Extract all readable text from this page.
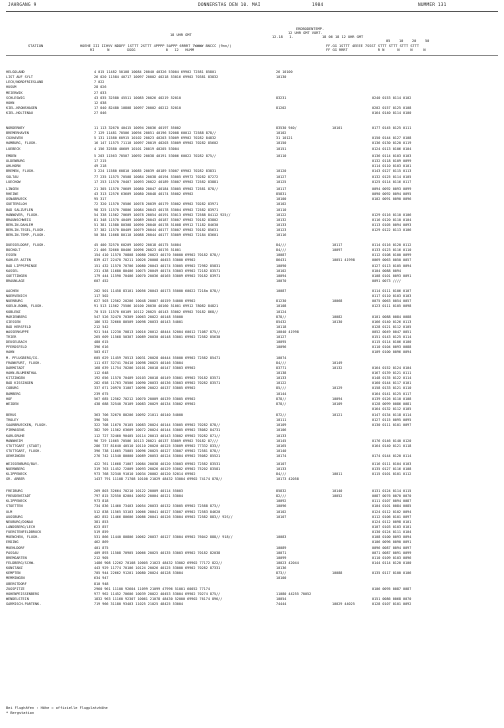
JAHRGANG 9	DONNERSTAG DEN 10. MAI	1984	NUMMER 131
ERDBODENTEMP.
12 UHR GMT VORT.
18 UHR GMT	12-18   1.	18 06 18 12 UHR GMT
05    10    20    50
STATION	HOEHE III IIHVV NDDFF 1STTT 2STTT 4PPPP 5APPP 6RRRT 7WWWW 8NCCC (9nn/)
RI      N        GGGG              0   12   HLMM
FF-GG 1STTT 4EEEE 7SSST STTT STTT STTT STTT
FF GG RRRT              R N      N     N     N
HELGOLAND	4 015 11482 50108 10084 20040 40326 53004 69902 72581 85801	26 10100
LIST AUF SYLT	26 020 11584 40717 10097 20002 40218 53016 69902 70381 83832	10130
LECK/NORDFRIESLAND	7 022
HUSUM	28 026
MEIERWIK	27 033
SCHLESWIG	43 035 32580 45511 10085 20026 40219 52010	83231	0240 0153 0114 0102
HOHN	12 038
KIEL-KRONSHAGEN	17 040 82480 10808 10097 20002 40212 52010	81202	0202 0157 0125 0108
KIEL-HOLTENAU	27 046	0164 0140 0114 0100
NORDERNEY	11 113 32670 40415 10094 20036 40197 55002	83530 940/	10101	0177 0145 0125 0111
BREMERHAVEN	7 129 11481 70506 10094 20051 40196 52008 60012 72588 878//	10102
CUXHAVEN	5 131 11580 60915 10102 20023 40203 53009 69902 70282 84832	31 10121	0150 0144 0127 0108
HAMBURG, FLUGH.	16 147 11575 71110 10097 20019 40203 53009 69902 70282 85602	10150	0136 0130 0120 0119
LUEBECK	4 156 32580 40609 10101 20019 40205 53004	10151	0124 0113 0106 0104
EMDEN	5 203 11563 70507 10092 20038 40191 53006 60022 70282 875//	10110	0136 0114 0103 0103
OLDENBURG	17 215	0132 0118 0109 0099
AHLHORN	49 218	0114 0110 0103 0101
BREMEN, FLUGH.	3 224 11580 60810 10085 20039 40189 53007 69902 70282 83831	10120	0143 0127 0115 0113
SOLTAU	77 235 11575 70508 10084 20038 40194 53005 69972 70282 87272	10127	0132 0125 0114 0105
LUECHOW	17 253 11570 70407 10093 20022 40189 53007 69902 72582 83881	10125	0125 0114 0116 0117
LINGEN	21 305 11570 70609 10080 20047 40184 53005 69902 72581 878//	10117	0094 0092 0093 0099
RHEINE	43 313 12576 63609 10080 20048 40174 55002 69902	85831	0090 0092 0094 0095
OSNABRUECK	95 317	10100	0102 0091 0090 0096
GUETERSLOH	72 320 11570 70506 10078 20039 40179 53002 69902 70282 83971	10102
BAD SALZUFLEN	98 325 11570 70806 10084 20043 40178 53004 69902 72582 83971	10110
HANNOVER, FLUGH.	54 338 11562 70609 10078 20054 40191 53013 69902 72588 84112 925//	10122	0129 0116 0110 0106
BRAUNSCHWEIG	81 348 11570 40409 10089 20043 40187 53007 69902 70182 83802	10132	0116 0120 0110 0104
BERLIN-DAHLEM	51 381 11580 80308 10090 20040 40178 51008 69912 71182 84630	10133	0113 0105 0094 0093
BERLIN-TEGEL,FLUGH.	37 382 11570 80409 10079 20044 40177 53007 69902 70182 85631	10123	0129 0122 0113 0106
BERLIN-TEMP.,FLUGH.	50 384 11668 80110 10088 20044 40177 53009 69902 72184 83601	10116
DUESSELDORF, FLUGH.	45 400 32570 60209 10092 20018 40175 54004	84///	10117	0114 0116 0120 0112
BOCHOLT	21 406 32660 80406 10096 20023 40176 51001	84///	10097	0133 0123 0116 0110
ESSEN	154 410 11570 70808 10080 20023 40170 50000 69902 70182 878//	10087	0112 0108 0100 0099
KAHLER ASTEN	839 427 22470 70211 10026 20008 40453 53000 69902	86431	10051 41998	0069 0063 0050 0057
BAD LIPPSPRINGE	151 432 11570 70706 10080 20043 40174 53005 69902 72982 85831	10090	0127 0113 0105 0094
KASSEL	231 438 11680 80406 10075 20049 40174 53003 69902 72182 83571	10102	0104 0088 0094
GOETTINGEN	179 444 11590 70406 10070 20036 40165 53009 69902 70182 83971	10094	0108 0101 0093 0091
BRAUNLAGE	607 452	10070	0091 0073 ////
AACHEN	202 501 11458 83101 10056 20043 40173 55000 60022 7218a 878//	10087	0114 0111 0106 0107
NOERVENICH	117 502	0117 0110 0103 0103
NUERBURG	627 503 12562 20206 10048 20007 40159 54000 69902	81230	10068	0075 0063 0054 0057
KOELN-BONN, FLUGH.	91 513 11562 75506 10100 20030 40160 51001 69912 78082 84821	10108	0123 0111 0105 0098
KOBLENZ	70 515 11570 60109 10112 20025 40143 53002 69902 70182 868//	10124
MARIENBERG	547 526 32470 70309 10063 20022 40148 55000	878//	10082	0101 0088 0084 0088
GIESSEN	186 532 32660 80509 10098 20033 40143 54001	85432	10130	0166 0140 0126 0113
BAD HERSFELD	212 542	10118	0128 0121 0112 0105
WASSERKUPPE	921 544 12230 70813 10016 20012 48444 52004 60012 71087 875//	10040 41998	0052 0049 0047 0051
TRIER	265 609 11568 50307 10089 20030 40148 53001 69902 72582 85630	10127	0151 0143 0125 0114
DEUSELBACH	480 615	10095	0115 0114 0106 0100
PFERDSFELD	396 616	10096	0110 0104 0093 0088
HAHN	503 617	0109 0100 0096 0094
M. PFLUGBERG/IG.	605 629 11459 70513 10031 20028 40444 55000 69902 72582 85471	10074
FRANKFURT, FLUGH.	111 637 32741 70410 10098 20025 40146 53004	84///	10149
DARMSTADT	168 639 11754 70206 10101 20018 40147 53003 69902	83771	10132	0164 0152 0124 0104
HAHN-BLUMENTHAL	112 648	10138	0167 0139 0121 0111
KITZINGEN	192 656 11570 70409 10103 20018 40149 53001 69902 70182 83571	10133	0148 0135 0122 0114
BAD KISSINGEN	282 658 11763 70506 10090 20033 40136 53003 69902 70282 83571	10122	0160 0144 0117 0101
COBURG	337 671 20970 31007 10096 20022 40137 53005 69902	85///	10129	0158 0133 0121 0110
BAMBERG	239 675	10144	0164 0141 0125 0117
HOF	567 685 12562 70212 10070 20009 40139 53005 69902	878//	10094	0139 0126 0110 0108
WEIDEN	438 688 32540 70109 10083 20029 40134 53002 69902	878//	10109	0128 0099 0086 0081
0164 0132 0112 0105
BERUS	363 706 32670 80206 10092 21011 40140 54000	872//	10121	0147 0134 0118 0114
TROLEY	396 705	10111	0127 0115 0095 0095
SAARBRUECKEN, FLUGH.	322 708 11670 70105 10083 20024 40144 53005 69902 70282 878//	10109	0130 0111 0101 0097
PIRMASENS	382 709 11562 63609 10072 20024 40144 53005 69902 78082 84731	10106
KARLSRUHE	112 727 32460 90405 10114 20013 40143 53002 69902 70282 871//	10133
MANNHEIM	96 729 11665 70506 10113 20021 40137 53009 69902 70182 87///	10145	0176 0146 0140 0120
STUTTGART (STADT)	286 737 81640 40510 10110 20020 40125 53009 69902 77332 833//	10165	0164 0140 0121 0118
STUTTGART, FLUGH.	396 738 11665 75005 10096 20025 40127 53007 69902 72581 878//	10140
OEHRINGEN	276 742 11540 80000 10089 20053 40124 53004 69902 76082 85521	10174	0174 0144 0120 0114
WEISSENBURG/BAY.	422 761 11668 71007 10084 20038 40120 53003 69902 72582 83531	10107	0116 0111 0104 0103
NUERNBERG	319 763 11452 72009 10093 20026 40129 53002 69902 75202 83581	10133	0135 0127 0116 0108
KLIPPENECK	973 768 32340 91010 10034 20002 40120 52014 69902	84///	10011	0115 0101 0101 0112
GR. ARBER	1437 791 11108 71708 10100 21029 48432 53004 69902 74174 878//	10173 42058
FREIBURG	269 803 32664 70210 10122 20009 40114 55003	85832	10140	0131 0124 0114 0115
FREUDENSTADT	797 815 32550 82004 10052 20004 40121 53004	82///	10052	0087 0076 0070 0070
KLIPPENECK	973 818	10092	0111 0107 0094 0087
STOETTEN	734 836 11460 73403 10054 20033 40132 53005 69902 72588 873//	10096	0104 0101 0084 0085
ULM	512 838 11565 53103 10066 20041 40127 53007 69902 72583 84620	10102	0124 0112 0102 0094
AUGSBURG	462 852 11466 80606 10086 20041 40126 53004 69902 72582 883// 92S//	10107	0112 0106 0101 0097
NEUBURG/DONAU	381 853	0124 0112 0098 0101
LANDSBERG/LECH	623 857	0107 0103 0103 0101
FUERSTENFELDBRUCK	519 859	0130 0124 0111 0104
MUENCHEN, FLUGH.	531 866 11440 80806 10062 20037 40127 53004 69902 76042 888// 918//	10083	0108 0100 0093 0094
ERDING	462 869	0106 0096 0090 0091
MUEHLDORF	401 875	10089	0096 0087 0094 0097
PASSAU	409 893 11508 70905 10066 20025 40135 53003 69902 70182 82038	10071	0071 0087 0091 0099
BREMGARTEN	212 905	10099	0110 0109 0103 0096
FELDBERG/SCHW.	1486 908 12262 70108 10005 21023 48432 53002 69902 77172 822//	10023 42044	0144 0114 0120 0100
KONSTANZ	443 929 11774 70106 10124 20026 40125 53000 69902 70282 87331	10136
KEMPTEN	705 944 22662 91201 10080 20024 40128 53004	873//	10088	0135 0117 0100 0106
MEMMINGEN	634 947	10100
OBERSTDORF	810 948
ZUGSPITZE	2960 961 11100 92604 11099 21099 47996 51001 60052 77174	0106 0095 0087 0087
HOHENPEISSENBERG	977 962 11452 70606 10039 20022 40453 53004 69902 70274 875//	11080 44255 70052
WENDELSTEIN	1832 963 11160 92307 10061 21078 48430 52000 69902 76174 896//	10054	0151 0086 0068 0070
GARMISCH-PARTENK.	719 966 31180 93403 11025 21025 48425 53004	74444	10029 44025	0128 0107 0101 0092
Bei Flughäfen : Höhe = offizielle Flugplatzhöhe
* Bergstation
